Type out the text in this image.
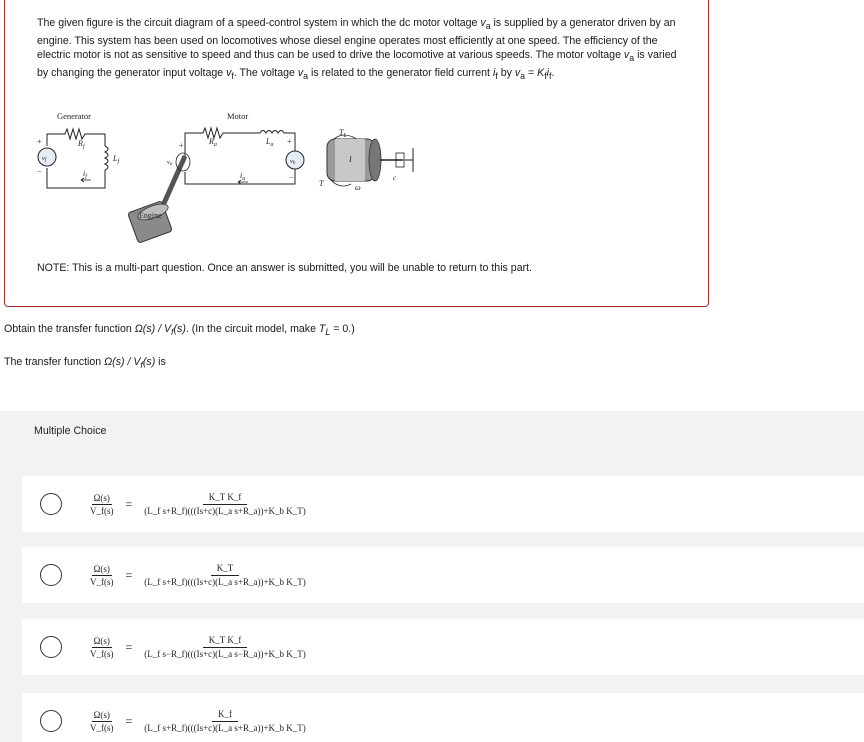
The given figure is the circuit diagram of a speed-control system in which the dc motor voltage $v_a$ is supplied by a generator driven by an engine. This system has been used on locomotives whose diesel engine operates most efficiently at one speed. The efficiency of the electric motor is not as sensitive to speed and thus can be used to drive the locomotive at various speeds. The motor voltage $v_a$ is varied by changing the generator input voltage $v_f$. The voltage $v_a$ is related to the generator field current $i_f$ by $v_a = K_fi_f$.

Generator
$R_f$
$L_f$
vf
+
−	$i_f$
Motor
$R_a$	$L_a$
vb
+
−
+
va
$i_a$
Engine
$T_L$
I
c
T	ω
NOTE: This is a multi-part question. Once an answer is submitted, you will be unable to return to this part.
Obtain the transfer function $\Omega(s) / V_f(s)$. (In the circuit model, make $T_L = 0$.)
The transfer function $\Omega(s) / V_f(s)$ is
Multiple Choice
$\frac{\Omega(s)}{V\_f(s)} = \frac{\text{K\_T K\_f}}{\text{(L\_f s+R\_f)(((Is+c)(L\_a s+R\_a))+K\_b K\_T)}}$
$\frac{\Omega(s)}{V\_f(s)} = \frac{K\_T}{\text{(L\_f s+R\_f)(((Is+c)(L\_a s+R\_a))+K\_b K\_T)}}$
$\frac{\Omega(s)}{V\_f(s)} = \frac{\text{K\_T K\_f}}{\text{(L\_f s−R\_f)(((Is+c)(L\_a s−R\_a))+K\_b K\_T)}}$
$\frac{\Omega(s)}{V\_f(s)} = \frac{K\_f}{\text{(L\_f s+R\_f)(((Is+c)(L\_a s+R\_a))+K\_b K\_T)}}$
